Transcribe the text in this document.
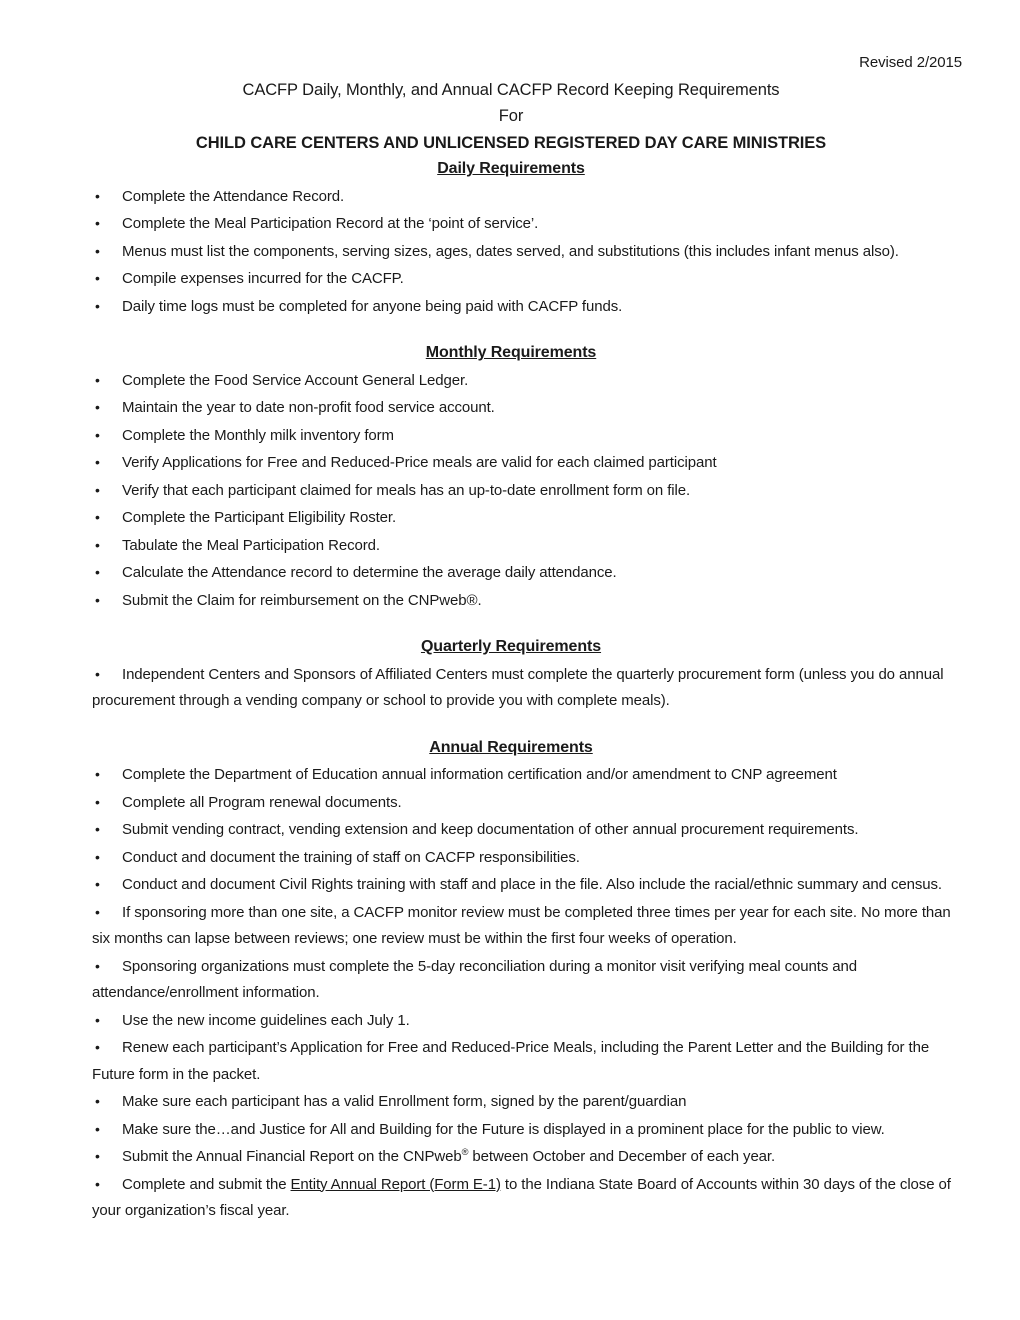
Revised 2/2015
CACFP Daily, Monthly, and Annual CACFP Record Keeping Requirements
For
CHILD CARE CENTERS AND UNLICENSED REGISTERED DAY CARE MINISTRIES
Daily Requirements

• Complete the Attendance Record.

• Complete the Meal Participation Record at the ‘point of service’.

• Menus must list the components, serving sizes, ages, dates served, and substitutions (this includes infant menus also).

• Compile expenses incurred for the CACFP.

• Daily time logs must be completed for anyone being paid with CACFP funds.

Monthly Requirements

• Complete the Food Service Account General Ledger.

• Maintain the year to date non-profit food service account.

• Complete the Monthly milk inventory form

• Verify Applications for Free and Reduced-Price meals are valid for each claimed participant

• Verify that each participant claimed for meals has an up-to-date enrollment form on file.

• Complete the Participant Eligibility Roster.

• Tabulate the Meal Participation Record.

• Calculate the Attendance record to determine the average daily attendance.

• Submit the Claim for reimbursement on the CNPweb®.

Quarterly Requirements

• Independent Centers and Sponsors of Affiliated Centers must complete the quarterly procurement form (unless you do annual procurement through a vending company or school to provide you with complete meals).

Annual Requirements

• Complete the Department of Education annual information certification and/or amendment to CNP agreement

• Complete all Program renewal documents.

• Submit vending contract, vending extension and keep documentation of other annual procurement requirements.

• Conduct and document the training of staff on CACFP responsibilities.

• Conduct and document Civil Rights training with staff and place in the file. Also include the racial/ethnic summary and census.

• If sponsoring more than one site, a CACFP monitor review must be completed three times per year for each site. No more than six months can lapse between reviews; one review must be within the first four weeks of operation.

• Sponsoring organizations must complete the 5-day reconciliation during a monitor visit verifying meal counts and attendance/enrollment information.

• Use the new income guidelines each July 1.

• Renew each participant’s Application for Free and Reduced-Price Meals, including the Parent Letter and the Building for the Future form in the packet.

• Make sure each participant has a valid Enrollment form, signed by the parent/guardian

• Make sure the…and Justice for All and Building for the Future is displayed in a prominent place for the public to view.

• Submit the Annual Financial Report on the CNPweb® between October and December of each year.

• Complete and submit the Entity Annual Report (Form E-1) to the Indiana State Board of Accounts within 30 days of the close of your organization’s fiscal year.
